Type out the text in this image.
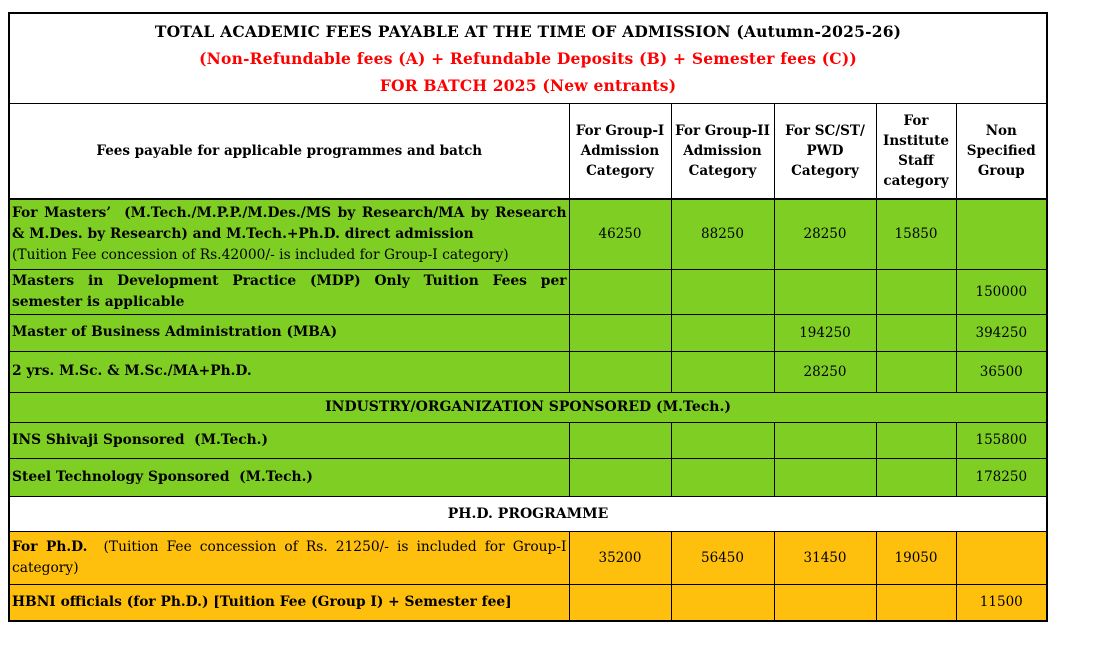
TOTAL ACADEMIC FEES PAYABLE AT THE TIME OF ADMISSION (Autumn-2025-26)
(Non-Refundable fees (A) + Refundable Deposits (B) + Semester fees (C))
FOR BATCH 2025 (New entrants)					

Fees payable for applicable programmes and batch	For Group-I Admission Category	For Group-II Admission Category	For SC/ST/ PWD Category	For Institute Staff category	Non Specified Group
For Masters’  (M.Tech./M.P.P./M.Des./MS by Research/MA by Research & M.Des. by Research) and M.Tech.+Ph.D. direct admission
(Tuition Fee concession of Rs.42000/- is included for Group-I category)	46250	88250	28250	15850	
Masters in Development Practice (MDP) Only Tuition Fees per semester is applicable					150000
Master of Business Administration (MBA)			194250		394250
2 yrs. M.Sc. & M.Sc./MA+Ph.D.			28250		36500
INDUSTRY/ORGANIZATION SPONSORED (M.Tech.)					
INS Shivaji Sponsored  (M.Tech.)					155800
Steel Technology Sponsored  (M.Tech.)					178250
PH.D. PROGRAMME					
For Ph.D.  (Tuition Fee concession of Rs. 21250/- is included for Group-I category)	35200	56450	31450	19050	
HBNI officials (for Ph.D.) [Tuition Fee (Group I) + Semester fee]					11500
